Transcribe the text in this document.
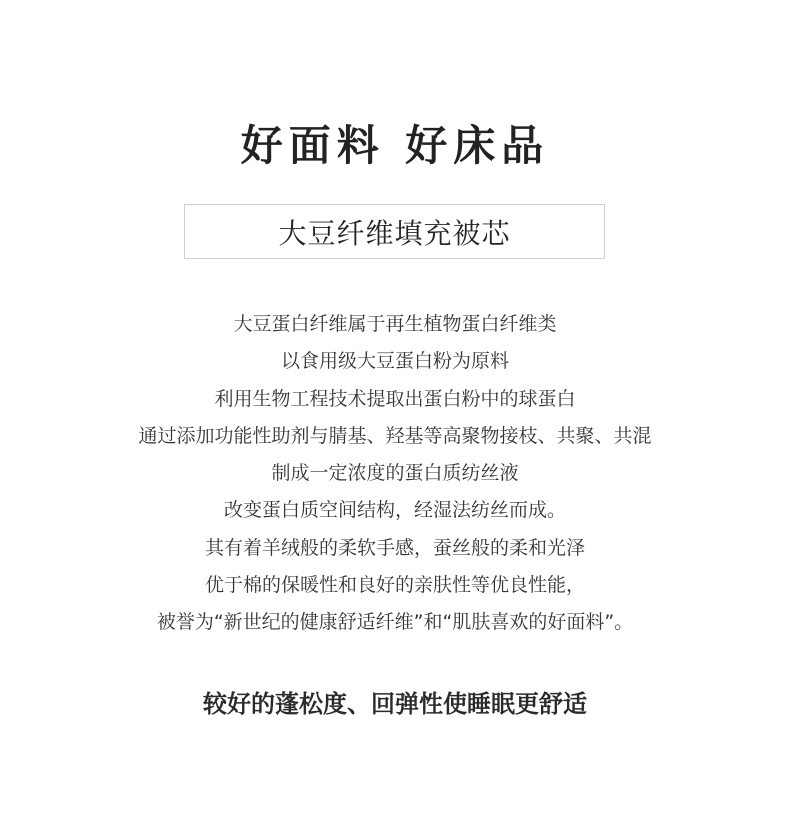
好面料 好床品
大豆纤维填充被芯
大豆蛋白纤维属于再生植物蛋白纤维类
以食用级大豆蛋白粉为原料
利用生物工程技术提取出蛋白粉中的球蛋白
通过添加功能性助剂与腈基、羟基等高聚物接枝、共聚、共混
制成一定浓度的蛋白质纺丝液
改变蛋白质空间结构，经湿法纺丝而成。
其有着羊绒般的柔软手感，蚕丝般的柔和光泽
优于棉的保暖性和良好的亲肤性等优良性能，
被誉为“新世纪的健康舒适纤维”和“肌肤喜欢的好面料”。
较好的蓬松度、回弹性使睡眠更舒适
